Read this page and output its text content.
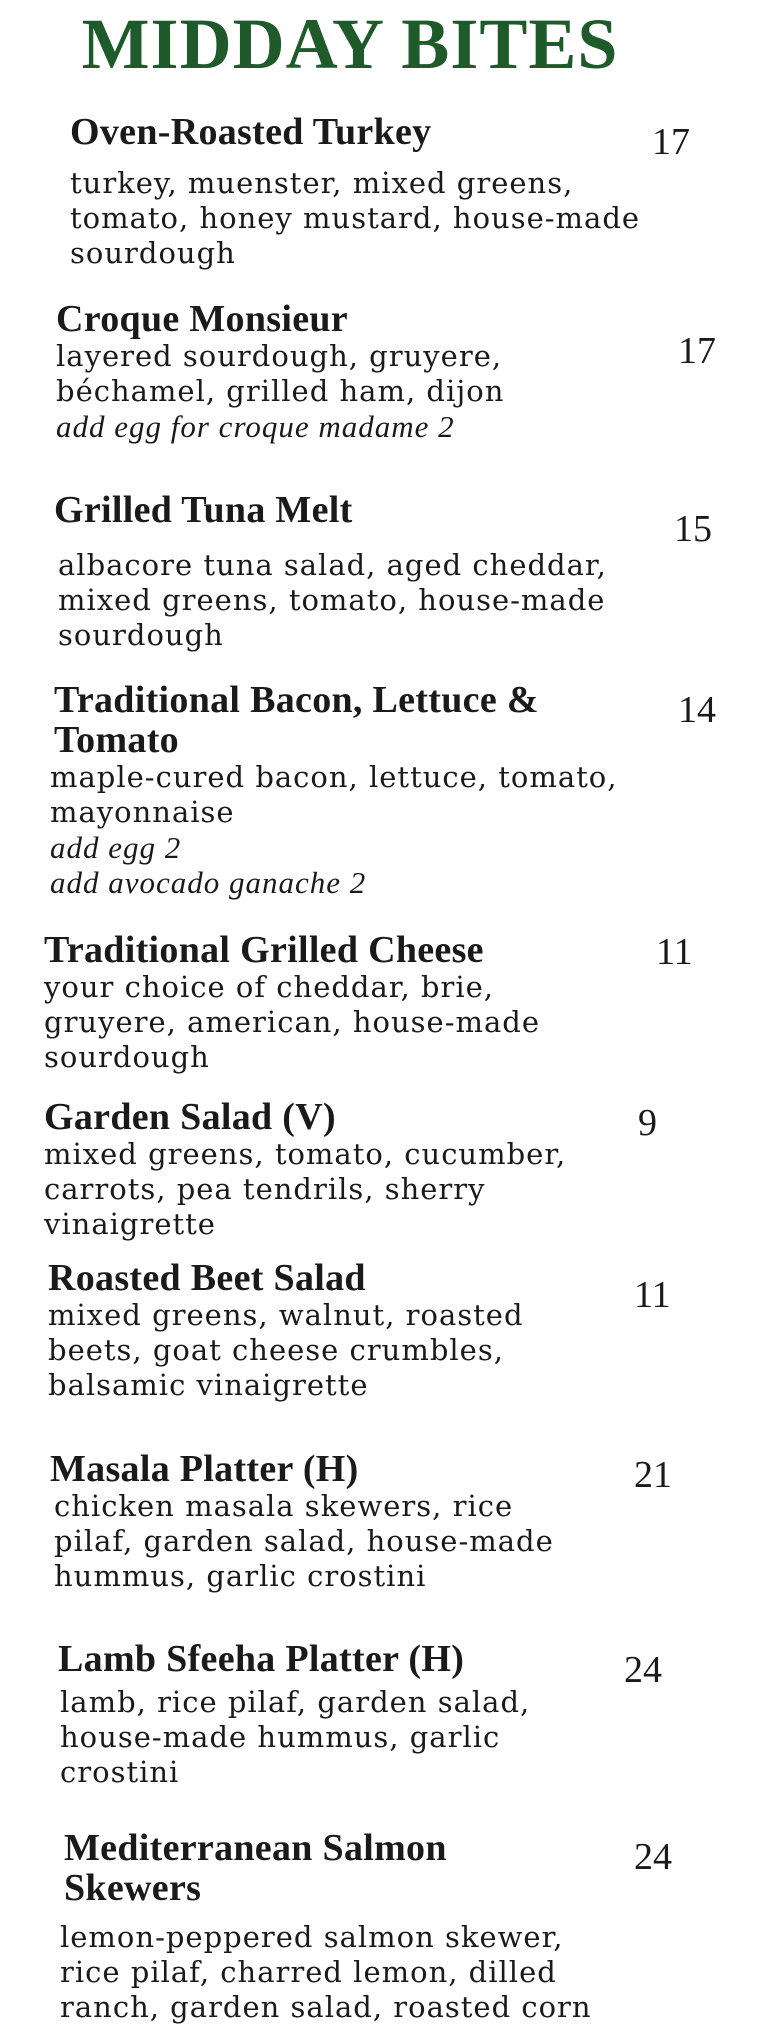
MIDDAY BITES

Oven-Roasted Turkey

turkey, muenster, mixed greens,

tomato, honey mustard, house-made

sourdough

17

Croque Monsieur

layered sourdough, gruyere,

béchamel, grilled ham, dijon

add egg for croque madame 2

17

Grilled Tuna Melt

albacore tuna salad, aged cheddar,

mixed greens, tomato, house-made

sourdough

15

Traditional Bacon, Lettuce &

Tomato

maple-cured bacon, lettuce, tomato,

mayonnaise

add egg 2

add avocado ganache 2

14

Traditional Grilled Cheese

your choice of cheddar, brie,

gruyere, american, house-made

sourdough

11

Garden Salad (V)

mixed greens, tomato, cucumber,

carrots, pea tendrils, sherry

vinaigrette

9

Roasted Beet Salad

mixed greens, walnut, roasted

beets, goat cheese crumbles,

balsamic vinaigrette

11

Masala Platter (H)

chicken masala skewers, rice

pilaf, garden salad, house-made

hummus, garlic crostini

21

Lamb Sfeeha Platter (H)

lamb, rice pilaf, garden salad,

house-made hummus, garlic

crostini

24

Mediterranean Salmon

Skewers

lemon-peppered salmon skewer,

rice pilaf, charred lemon, dilled

ranch, garden salad, roasted corn

24
